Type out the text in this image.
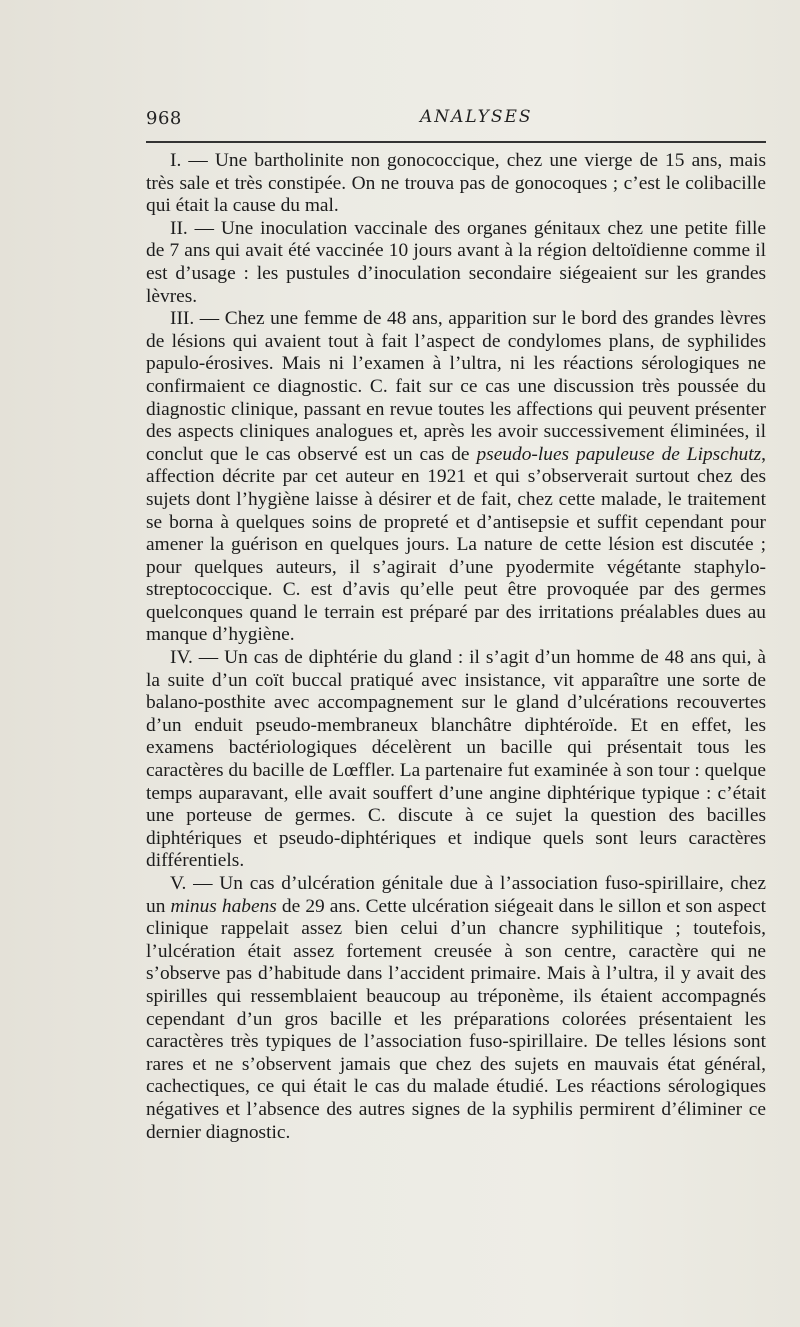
968	ANALYSES

I. — Une bartholinite non gonococcique, chez une vierge de 15 ans, mais très sale et très constipée. On ne trouva pas de gonocoques ; c’est le colibacille qui était la cause du mal.

II. — Une inoculation vaccinale des organes génitaux chez une petite fille de 7 ans qui avait été vaccinée 10 jours avant à la région deltoïdienne comme il est d’usage : les pustules d’inoculation secondaire siégeaient sur les grandes lèvres.

III. — Chez une femme de 48 ans, apparition sur le bord des grandes lèvres de lésions qui avaient tout à fait l’aspect de condylomes plans, de syphilides papulo-érosives. Mais ni l’examen à l’ultra, ni les réactions sérologiques ne confirmaient ce diagnostic. C. fait sur ce cas une discussion très poussée du diagnostic clinique, passant en revue toutes les affections qui peuvent présenter des aspects cliniques analogues et, après les avoir successivement éliminées, il conclut que le cas observé est un cas de pseudo-lues papuleuse de Lipschutz, affection décrite par cet auteur en 1921 et qui s’observerait surtout chez des sujets dont l’hygiène laisse à désirer et de fait, chez cette malade, le traitement se borna à quelques soins de propreté et d’antisepsie et suffit cependant pour amener la guérison en quelques jours. La nature de cette lésion est discutée ; pour quelques auteurs, il s’agirait d’une pyodermite végétante staphylo-streptococcique. C. est d’avis qu’elle peut être provoquée par des germes quelconques quand le terrain est préparé par des irritations préalables dues au manque d’hygiène.

IV. — Un cas de diphtérie du gland : il s’agit d’un homme de 48 ans qui, à la suite d’un coït buccal pratiqué avec insistance, vit apparaître une sorte de balano-posthite avec accompagnement sur le gland d’ulcérations recouvertes d’un enduit pseudo-membraneux blanchâtre diphtéroïde. Et en effet, les examens bactériologiques décelèrent un bacille qui présentait tous les caractères du bacille de Lœffler. La partenaire fut examinée à son tour : quelque temps auparavant, elle avait souffert d’une angine diphtérique typique : c’était une porteuse de germes. C. discute à ce sujet la question des bacilles diphtériques et pseudo-diphtériques et indique quels sont leurs caractères différentiels.

V. — Un cas d’ulcération génitale due à l’association fuso-spirillaire, chez un minus habens de 29 ans. Cette ulcération siégeait dans le sillon et son aspect clinique rappelait assez bien celui d’un chancre syphilitique ; toutefois, l’ulcération était assez fortement creusée à son centre, caractère qui ne s’observe pas d’habitude dans l’accident primaire. Mais à l’ultra, il y avait des spirilles qui ressemblaient beaucoup au tréponème, ils étaient accompagnés cependant d’un gros bacille et les préparations colorées présentaient les caractères très typiques de l’association fuso-spirillaire. De telles lésions sont rares et ne s’observent jamais que chez des sujets en mauvais état général, cachectiques, ce qui était le cas du malade étudié. Les réactions sérologiques négatives et l’absence des autres signes de la syphilis permirent d’éliminer ce dernier diagnostic.
